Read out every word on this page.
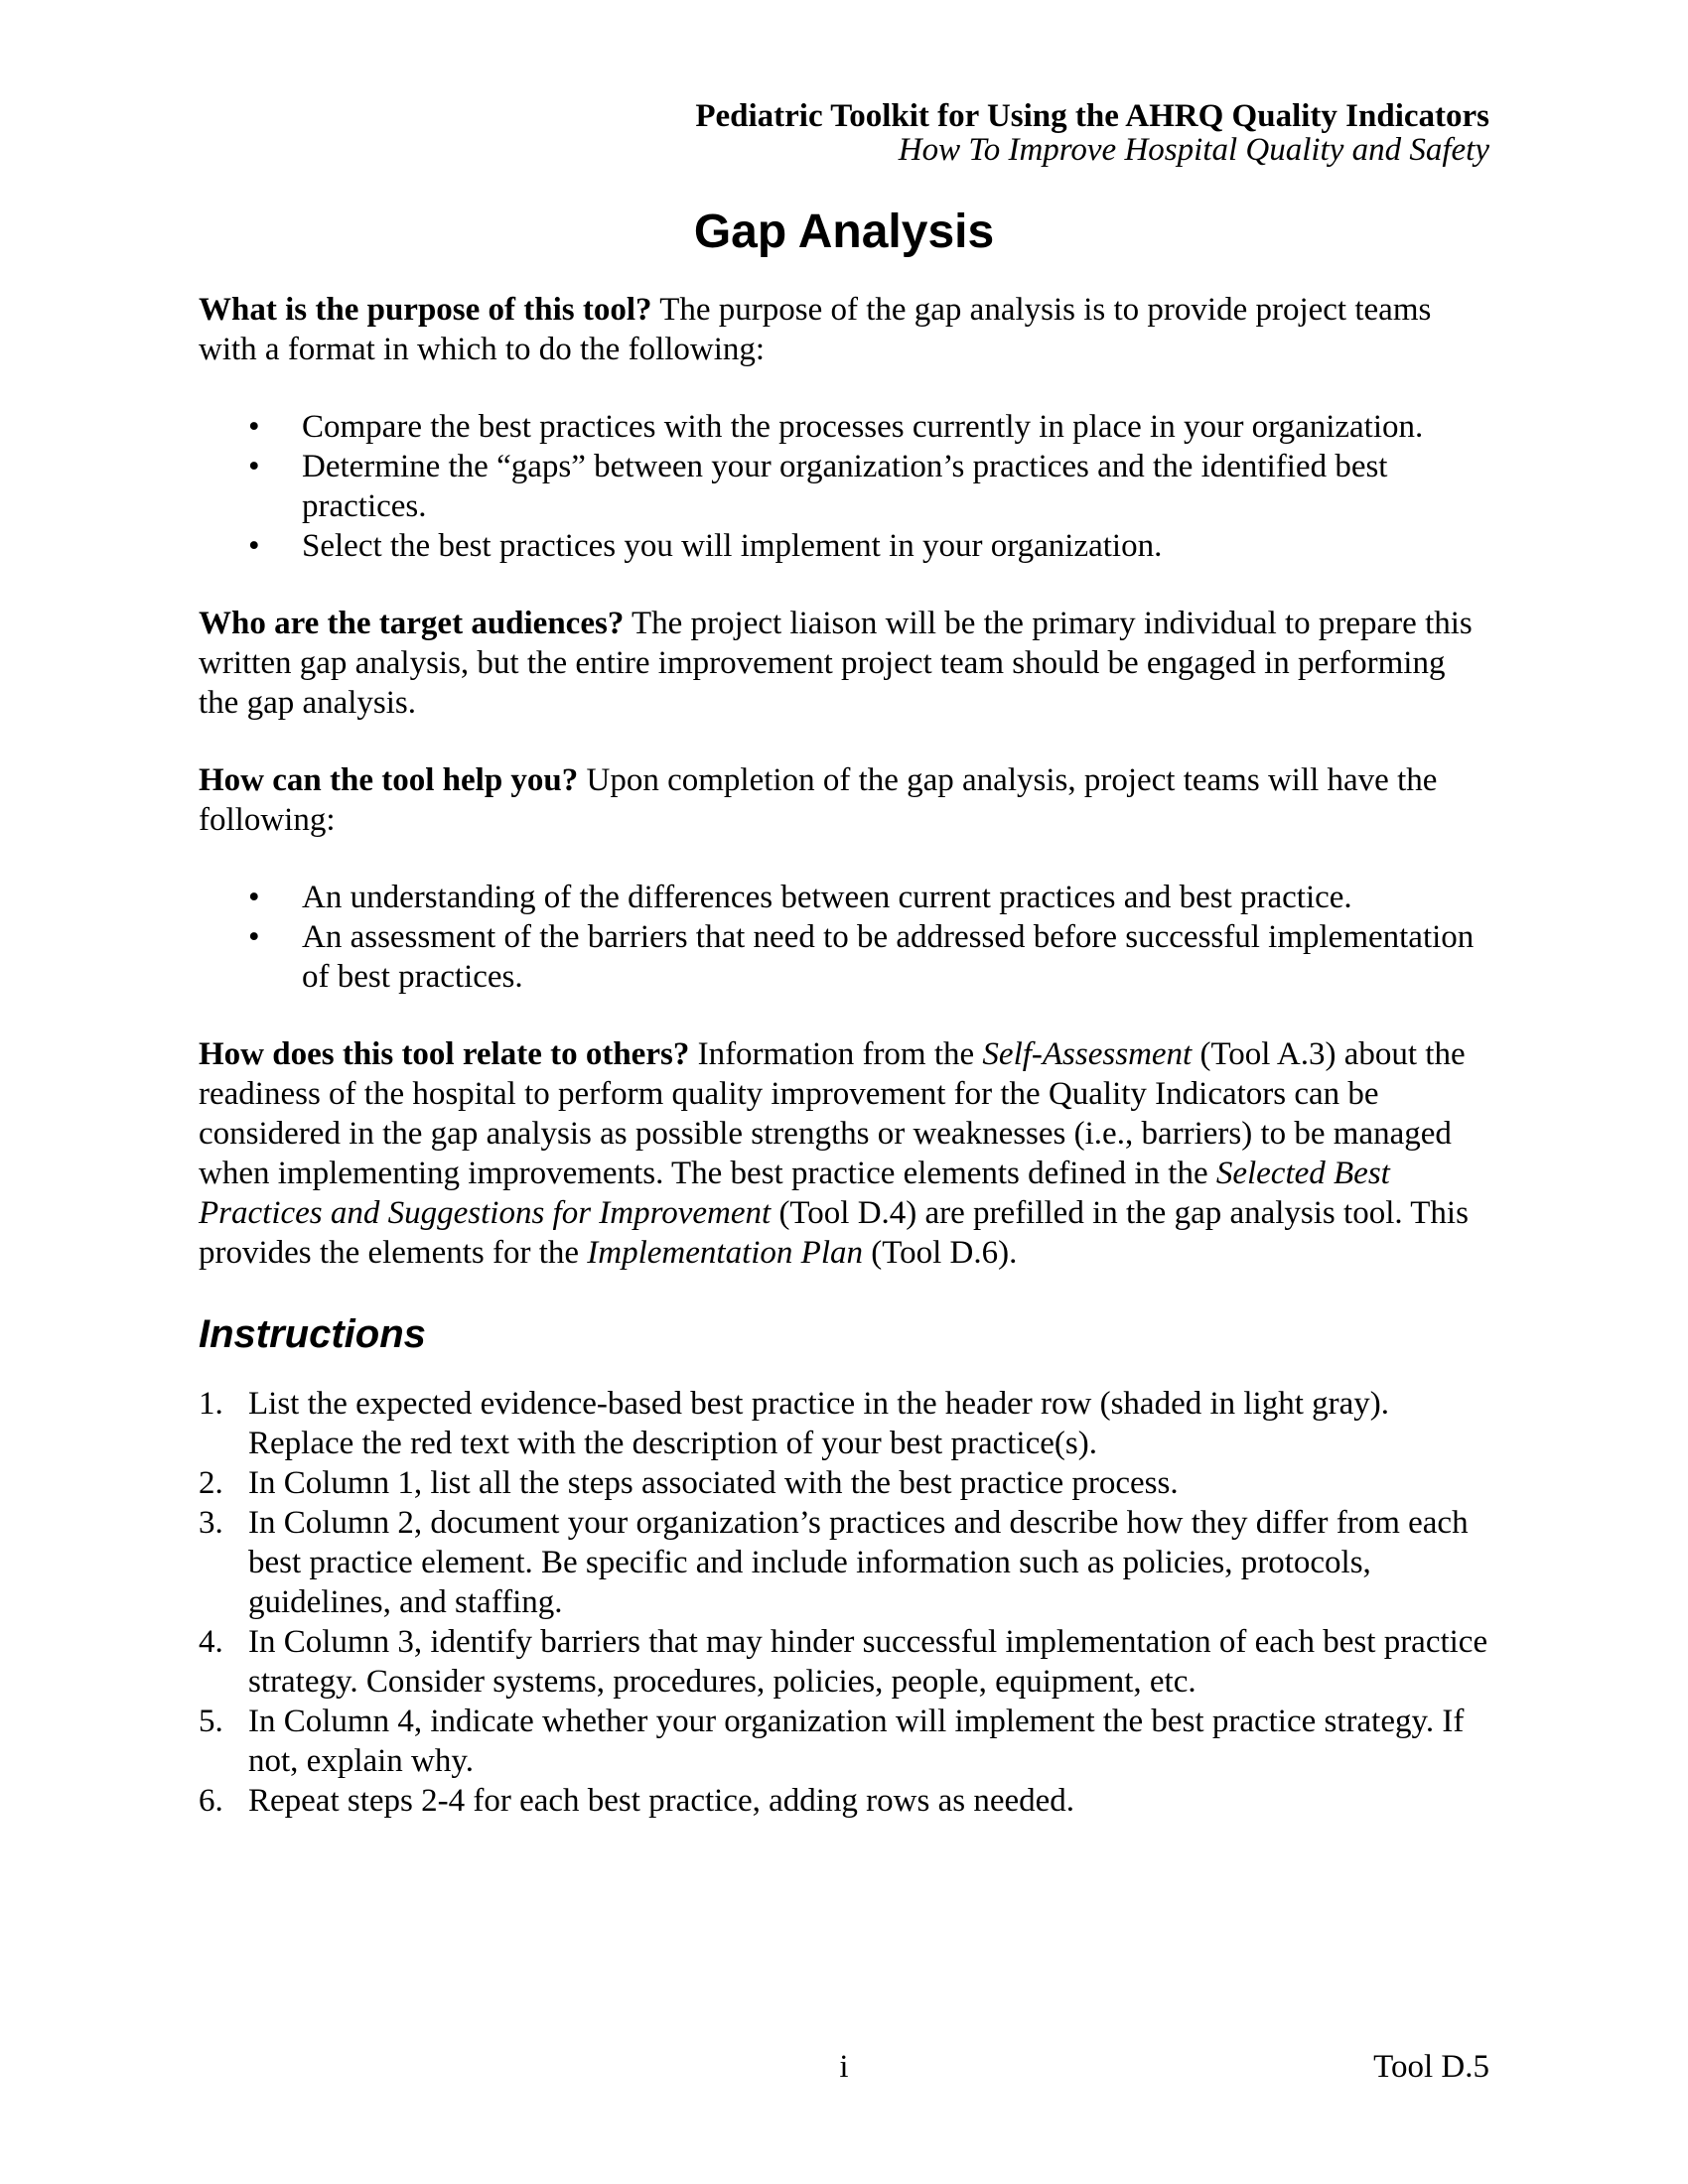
Pediatric Toolkit for Using the AHRQ Quality Indicators
How To Improve Hospital Quality and Safety
Gap Analysis

What is the purpose of this tool? The purpose of the gap analysis is to provide project teams with a format in which to do the following:

• Compare the best practices with the processes currently in place in your organization.
• Determine the “gaps” between your organization’s practices and the identified best practices.
• Select the best practices you will implement in your organization.

Who are the target audiences? The project liaison will be the primary individual to prepare this written gap analysis, but the entire improvement project team should be engaged in performing the gap analysis.

How can the tool help you? Upon completion of the gap analysis, project teams will have the following:

• An understanding of the differences between current practices and best practice.
• An assessment of the barriers that need to be addressed before successful implementation of best practices.

How does this tool relate to others? Information from the Self-Assessment (Tool A.3) about the readiness of the hospital to perform quality improvement for the Quality Indicators can be considered in the gap analysis as possible strengths or weaknesses (i.e., barriers) to be managed when implementing improvements. The best practice elements defined in the Selected Best Practices and Suggestions for Improvement (Tool D.4) are prefilled in the gap analysis tool. This provides the elements for the Implementation Plan (Tool D.6).

Instructions
1. List the expected evidence-based best practice in the header row (shaded in light gray). Replace the red text with the description of your best practice(s).
2. In Column 1, list all the steps associated with the best practice process.
3. In Column 2, document your organization’s practices and describe how they differ from each best practice element. Be specific and include information such as policies, protocols, guidelines, and staffing.
4. In Column 3, identify barriers that may hinder successful implementation of each best practice strategy. Consider systems, procedures, policies, people, equipment, etc.
5. In Column 4, indicate whether your organization will implement the best practice strategy. If not, explain why.
6. Repeat steps 2-4 for each best practice, adding rows as needed.
i	Tool D.5
